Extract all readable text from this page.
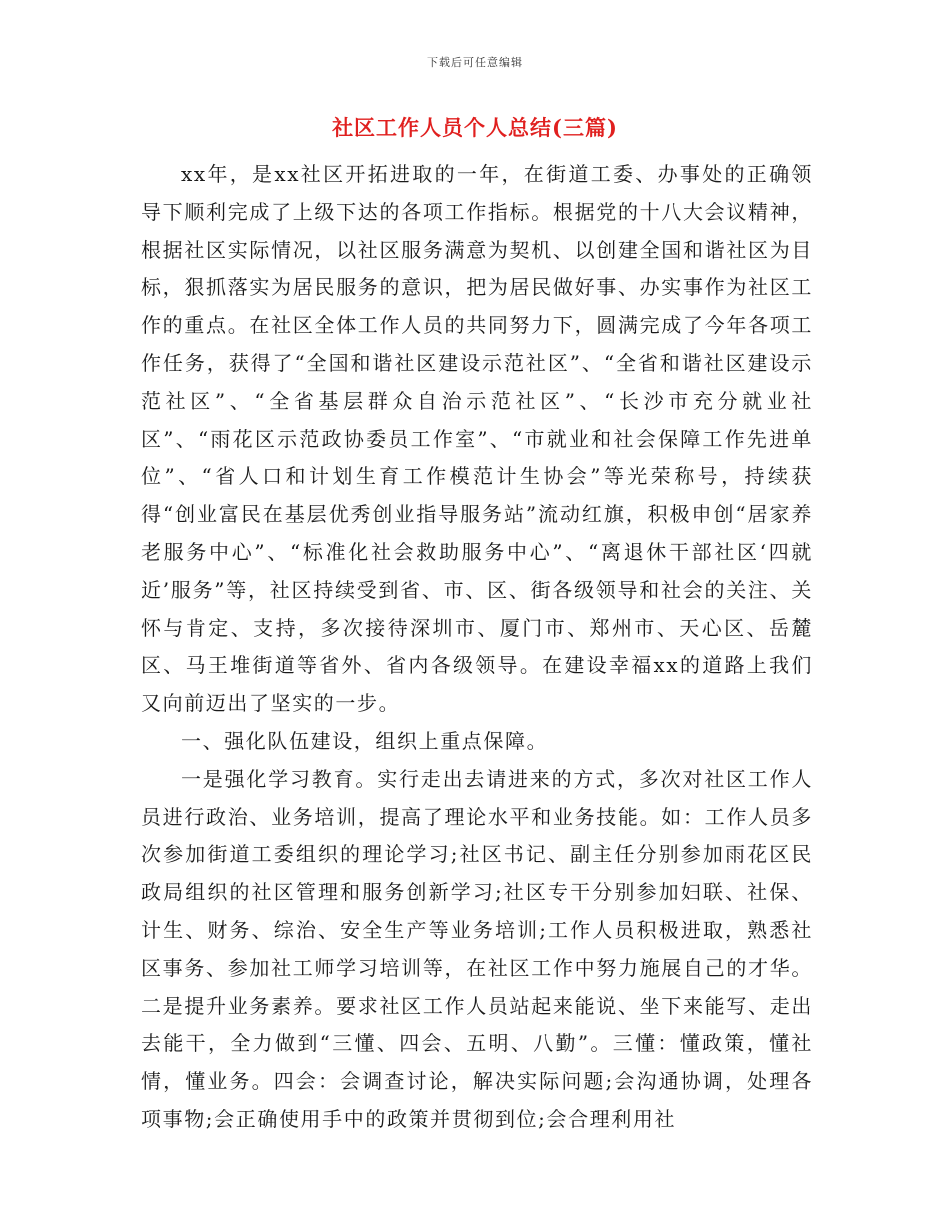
下载后可任意编辑
社区工作人员个人总结(三篇)

xx年，是xx社区开拓进取的一年，在街道工委、办事处的正确领导下顺利完成了上级下达的各项工作指标。根据党的十八大会议精神，根据社区实际情况，以社区服务满意为契机、以创建全国和谐社区为目标，狠抓落实为居民服务的意识，把为居民做好事、办实事作为社区工作的重点。在社区全体工作人员的共同努力下，圆满完成了今年各项工作任务，获得了“全国和谐社区建设示范社区”、“全省和谐社区建设示范社区”、“全省基层群众自治示范社区”、“长沙市充分就业社区”、“雨花区示范政协委员工作室”、“市就业和社会保障工作先进单位”、“省人口和计划生育工作模范计生协会”等光荣称号，持续获得“创业富民在基层优秀创业指导服务站”流动红旗，积极申创“居家养老服务中心”、“标准化社会救助服务中心”、“离退休干部社区‘四就近’服务”等，社区持续受到省、市、区、街各级领导和社会的关注、关怀与肯定、支持，多次接待深圳市、厦门市、郑州市、天心区、岳麓区、马王堆街道等省外、省内各级领导。在建设幸福xx的道路上我们又向前迈出了坚实的一步。

一、强化队伍建设，组织上重点保障。

一是强化学习教育。实行走出去请进来的方式，多次对社区工作人员进行政治、业务培训，提高了理论水平和业务技能。如：工作人员多次参加街道工委组织的理论学习;社区书记、副主任分别参加雨花区民政局组织的社区管理和服务创新学习;社区专干分别参加妇联、社保、计生、财务、综治、安全生产等业务培训;工作人员积极进取，熟悉社区事务、参加社工师学习培训等，在社区工作中努力施展自己的才华。二是提升业务素养。要求社区工作人员站起来能说、坐下来能写、走出去能干，全力做到“三懂、四会、五明、八勤”。三懂：懂政策，懂社情，懂业务。四会：会调查讨论，解决实际问题;会沟通协调，处理各项事物;会正确使用手中的政策并贯彻到位;会合理利用社
